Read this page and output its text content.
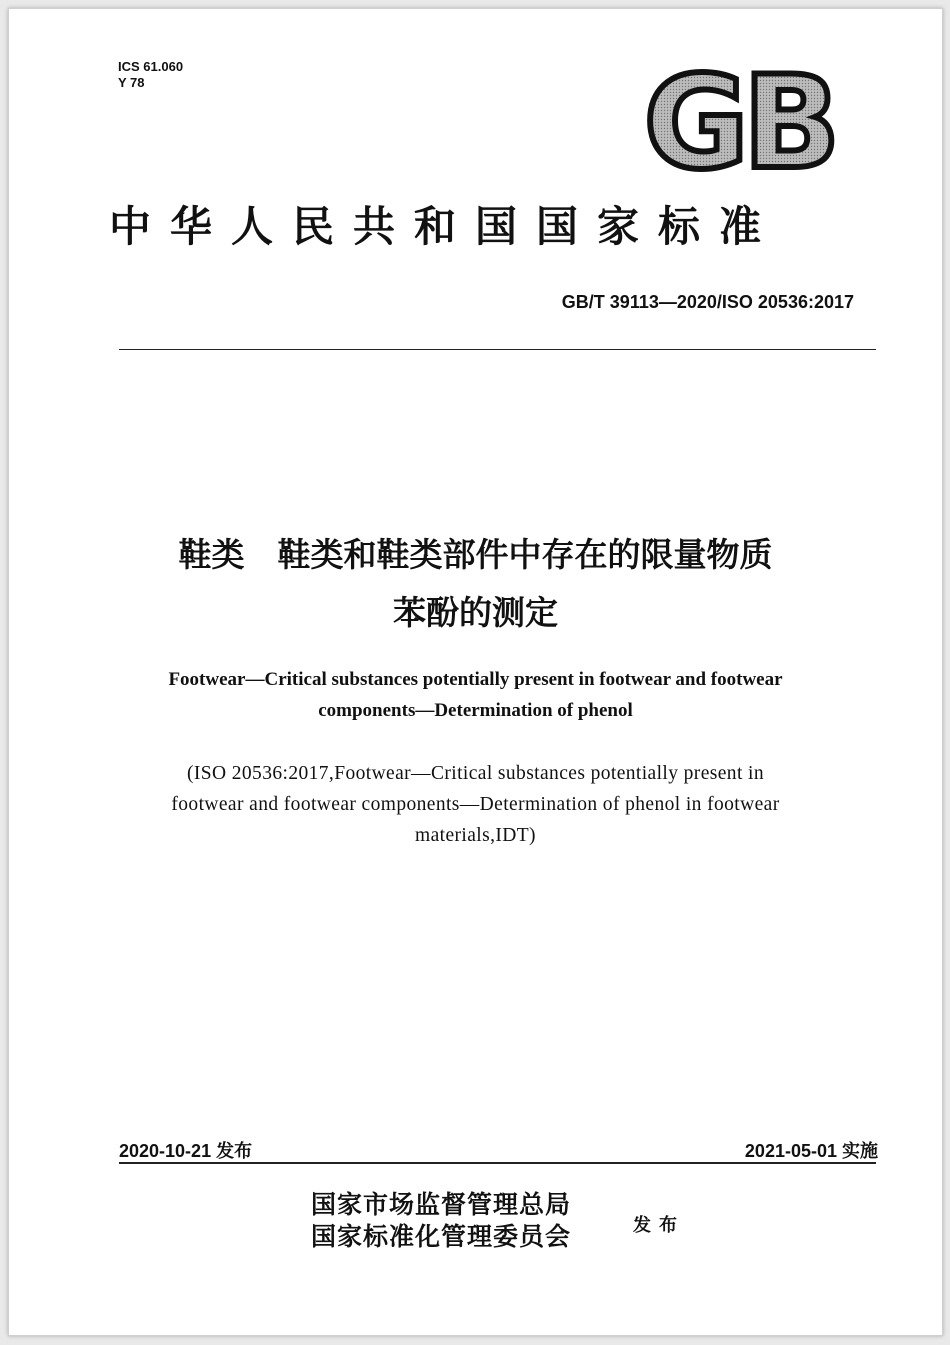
ICS 61.060
Y 78	GB
中华人民共和国国家标准
GB/T 39113—2020/ISO 20536:2017
鞋类　鞋类和鞋类部件中存在的限量物质
苯酚的测定
Footwear—Critical substances potentially present in footwear and footwear
components—Determination of phenol
(ISO 20536:2017,Footwear—Critical substances potentially present in
footwear and footwear components—Determination of phenol in footwear
materials,IDT)
2020-10-21 发布	2021-05-01 实施
国家市场监督管理总局
国家标准化管理委员会	发布
